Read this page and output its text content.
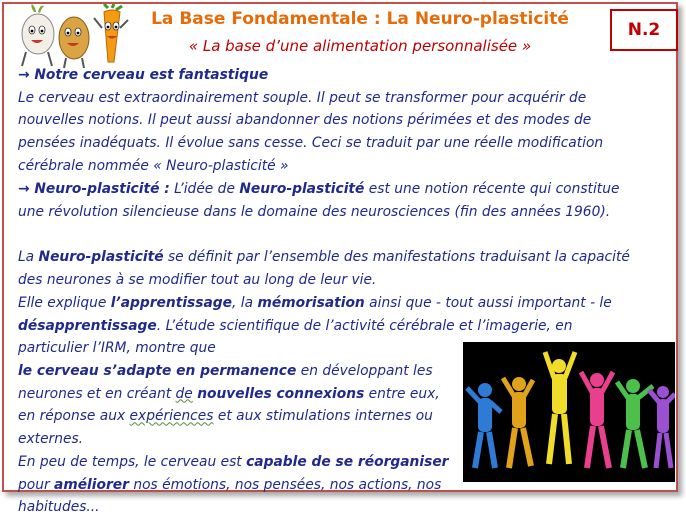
La Base Fondamentale : La Neuro-plasticité
« La base d’une alimentation personnalisée »
N.2
→ Notre cerveau est fantastique
Le cerveau est extraordinairement souple. Il peut se transformer pour acquérir de nouvelles notions. Il peut aussi abandonner des notions périmées et des modes de pensées inadéquats. Il évolue sans cesse. Ceci se traduit par une réelle modification cérébrale nommée « Neuro-plasticité »
→ Neuro-plasticité : L’idée de Neuro-plasticité est une notion récente qui constitue une révolution silencieuse dans le domaine des neurosciences (fin des années 1960).
La Neuro-plasticité se définit par l’ensemble des manifestations traduisant la capacité des neurones à se modifier tout au long de leur vie.
Elle explique l’apprentissage, la mémorisation ainsi que - tout aussi important - le désapprentissage. L’étude scientifique de l’activité cérébrale et l’imagerie, en particulier l’IRM, montre que
le cerveau s’adapte en permanence en développant les neurones et en créant de nouvelles connexions entre eux, en réponse aux expériences et aux stimulations internes ou externes.
En peu de temps, le cerveau est capable de se réorganiser pour améliorer nos émotions, nos pensées, nos actions, nos habitudes...
